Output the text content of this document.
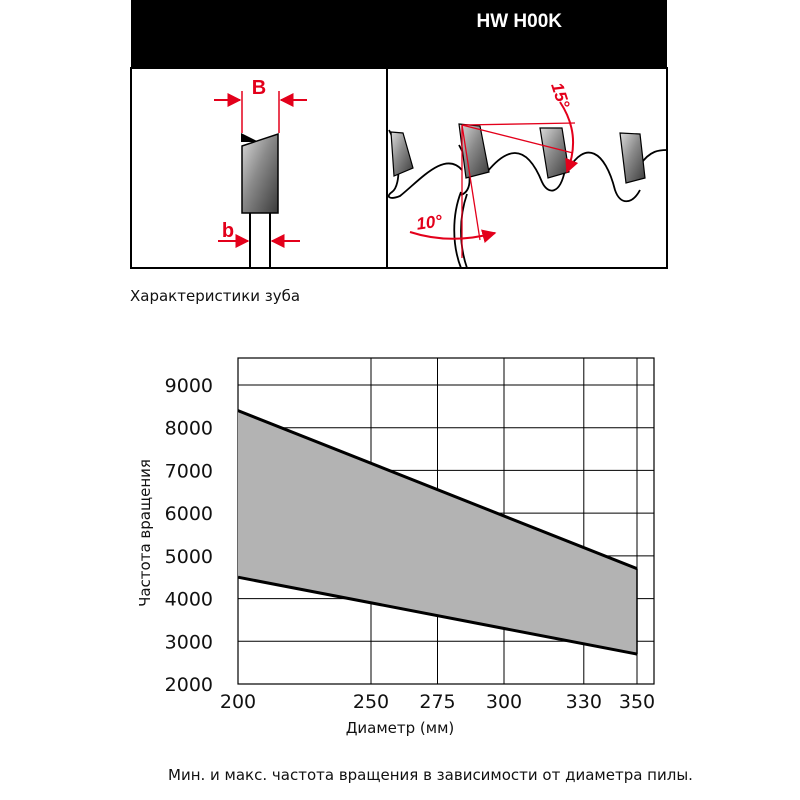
HW H00K
B
b	10°
15°
2000
3000
4000
5000
6000
7000
8000
9000
200	250 275 300 330 350
Частота вращения
Диаметр (мм)
Характеристики зуба
Мин. и макс. частота вращения в зависимости от диаметра пилы.
